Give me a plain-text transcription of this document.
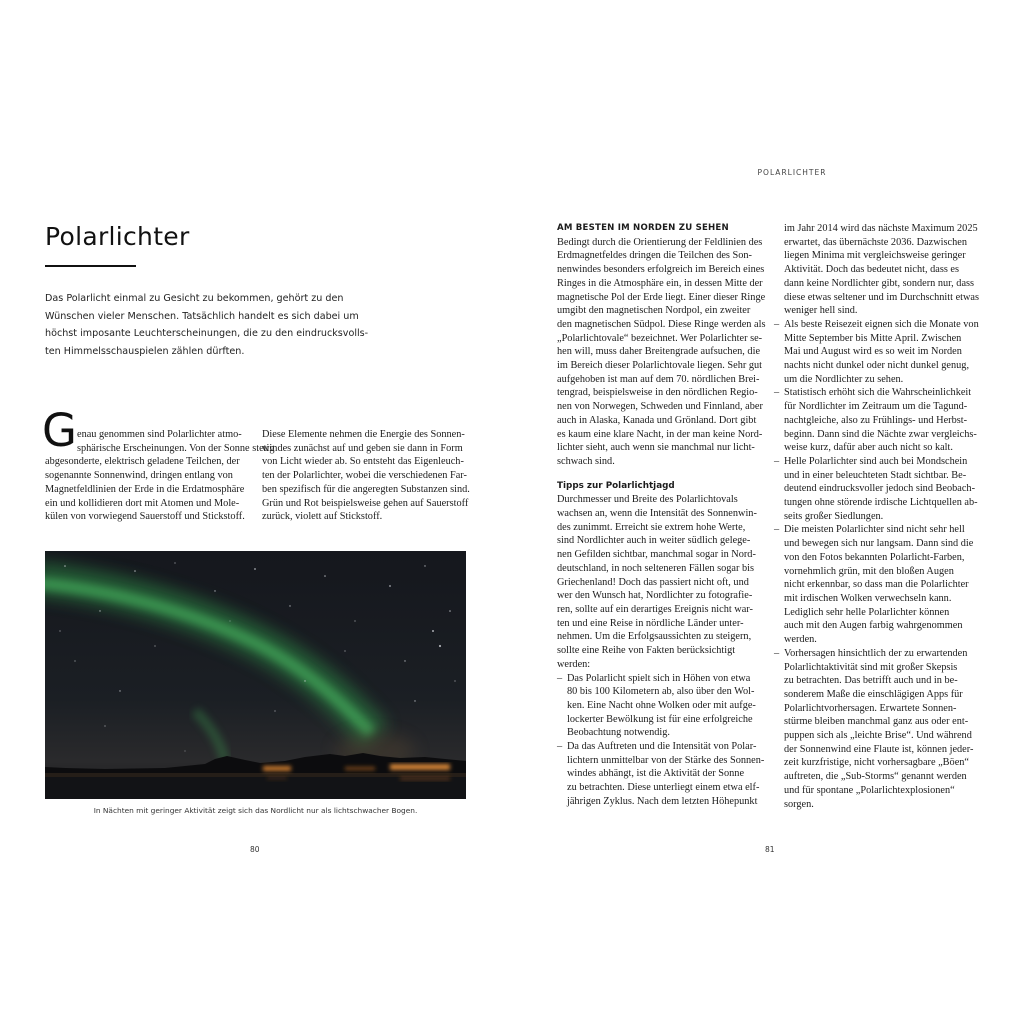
Polarlichter
Das Polarlicht einmal zu Gesicht zu bekommen, gehört zu den
Wünschen vieler Menschen. Tatsächlich handelt es sich dabei um
höchst imposante Leuchterscheinungen, die zu den eindrucksvolls-
ten Himmelsschauspielen zählen dürften.
G enau genommen sind Polarlichter atmo-
sphärische Erscheinungen. Von der Sonne stetig
abgesonderte, elektrisch geladene Teilchen, der
sogenannte Sonnenwind, dringen entlang von
Magnetfeldlinien der Erde in die Erdatmosphäre
ein und kollidieren dort mit Atomen und Mole-
külen von vorwiegend Sauerstoff und Stickstoff.
Diese Elemente nehmen die Energie des Sonnen-
windes zunächst auf und geben sie dann in Form
von Licht wieder ab. So entsteht das Eigenleuch-
ten der Polarlichter, wobei die verschiedenen Far-
ben spezifisch für die angeregten Substanzen sind.
Grün und Rot beispielsweise gehen auf Sauerstoff
zurück, violett auf Stickstoff.
In Nächten mit geringer Aktivität zeigt sich das Nordlicht nur als lichtschwacher Bogen.
80
POLARLICHTER
AM BESTEN IM NORDEN ZU SEHEN
Bedingt durch die Orientierung der Feldlinien des
Erdmagnetfeldes dringen die Teilchen des Son-
nenwindes besonders erfolgreich im Bereich eines
Ringes in die Atmosphäre ein, in dessen Mitte der
magnetische Pol der Erde liegt. Einer dieser Ringe
umgibt den magnetischen Nordpol, ein zweiter
den magnetischen Südpol. Diese Ringe werden als
„Polarlichtovale“ bezeichnet. Wer Polarlichter se-
hen will, muss daher Breitengrade aufsuchen, die
im Bereich dieser Polarlichtovale liegen. Sehr gut
aufgehoben ist man auf dem 70. nördlichen Brei-
tengrad, beispielsweise in den nördlichen Regio-
nen von Norwegen, Schweden und Finnland, aber
auch in Alaska, Kanada und Grönland. Dort gibt
es kaum eine klare Nacht, in der man keine Nord-
lichter sieht, auch wenn sie manchmal nur licht-
schwach sind.
Tipps zur Polarlichtjagd
Durchmesser und Breite des Polarlichtovals
wachsen an, wenn die Intensität des Sonnenwin-
des zunimmt. Erreicht sie extrem hohe Werte,
sind Nordlichter auch in weiter südlich gelege-
nen Gefilden sichtbar, manchmal sogar in Nord-
deutschland, in noch selteneren Fällen sogar bis
Griechenland! Doch das passiert nicht oft, und
wer den Wunsch hat, Nordlichter zu fotografie-
ren, sollte auf ein derartiges Ereignis nicht war-
ten und eine Reise in nördliche Länder unter-
nehmen. Um die Erfolgsaussichten zu steigern,
sollte eine Reihe von Fakten berücksichtigt
werden:
– Das Polarlicht spielt sich in Höhen von etwa
80 bis 100 Kilometern ab, also über den Wol-
ken. Eine Nacht ohne Wolken oder mit aufge-
lockerter Bewölkung ist für eine erfolgreiche
Beobachtung notwendig.
– Da das Auftreten und die Intensität von Polar-
lichtern unmittelbar von der Stärke des Sonnen-
windes abhängt, ist die Aktivität der Sonne
zu betrachten. Diese unterliegt einem etwa elf-
jährigen Zyklus. Nach dem letzten Höhepunkt
im Jahr 2014 wird das nächste Maximum 2025
erwartet, das übernächste 2036. Dazwischen
liegen Minima mit vergleichsweise geringer
Aktivität. Doch das bedeutet nicht, dass es
dann keine Nordlichter gibt, sondern nur, dass
diese etwas seltener und im Durchschnitt etwas
weniger hell sind.
– Als beste Reisezeit eignen sich die Monate von
Mitte September bis Mitte April. Zwischen
Mai und August wird es so weit im Norden
nachts nicht dunkel oder nicht dunkel genug,
um die Nordlichter zu sehen.
– Statistisch erhöht sich die Wahrscheinlichkeit
für Nordlichter im Zeitraum um die Tagund-
nachtgleiche, also zu Frühlings- und Herbst-
beginn. Dann sind die Nächte zwar vergleichs-
weise kurz, dafür aber auch nicht so kalt.
– Helle Polarlichter sind auch bei Mondschein
und in einer beleuchteten Stadt sichtbar. Be-
deutend eindrucksvoller jedoch sind Beobach-
tungen ohne störende irdische Lichtquellen ab-
seits großer Siedlungen.
– Die meisten Polarlichter sind nicht sehr hell
und bewegen sich nur langsam. Dann sind die
von den Fotos bekannten Polarlicht-Farben,
vornehmlich grün, mit den bloßen Augen
nicht erkennbar, so dass man die Polarlichter
mit irdischen Wolken verwechseln kann.
Lediglich sehr helle Polarlichter können
auch mit den Augen farbig wahrgenommen
werden.
– Vorhersagen hinsichtlich der zu erwartenden
Polarlichtaktivität sind mit großer Skepsis
zu betrachten. Das betrifft auch und in be-
sonderem Maße die einschlägigen Apps für
Polarlichtvorhersagen. Erwartete Sonnen-
stürme bleiben manchmal ganz aus oder ent-
puppen sich als „leichte Brise“. Und während
der Sonnenwind eine Flaute ist, können jeder-
zeit kurzfristige, nicht vorhersagbare „Böen“
auftreten, die „Sub-Storms“ genannt werden
und für spontane „Polarlichtexplosionen“
sorgen.
81
